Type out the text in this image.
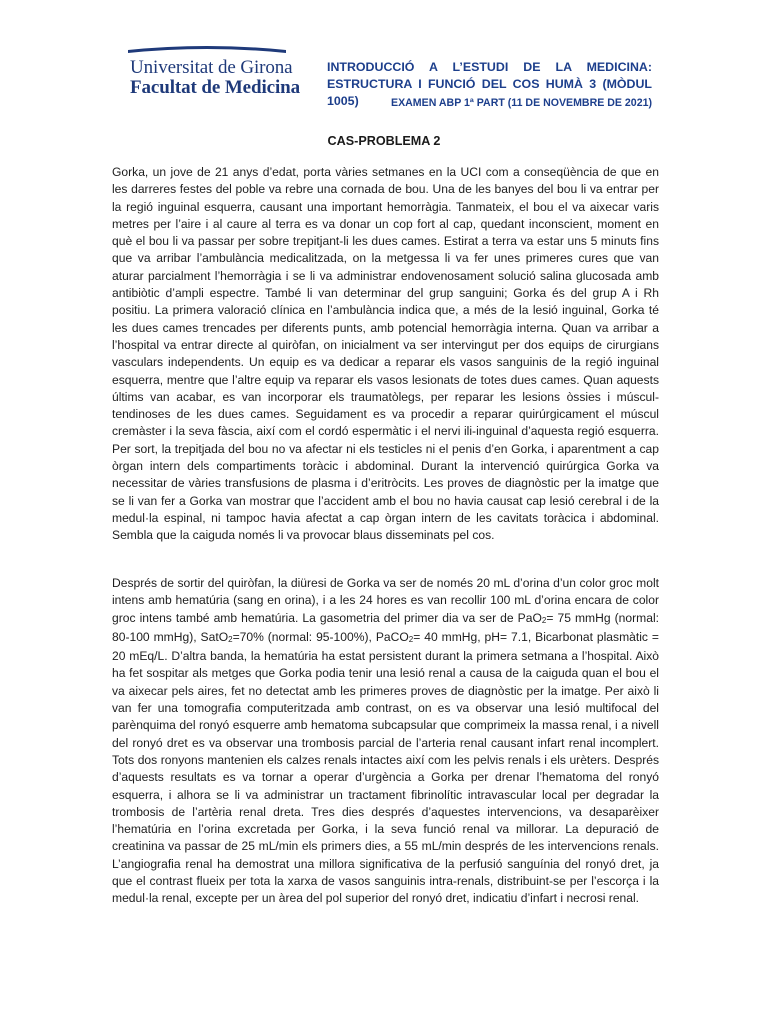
Universitat de Girona
Facultat de Medicina
INTRODUCCIÓ A L’ESTUDI DE LA MEDICINA: ESTRUCTURA I FUNCIÓ DEL COS HUMÀ 3 (MÒDUL 1005)	EXAMEN ABP 1ª PART (11 DE NOVEMBRE DE 2021)
CAS-PROBLEMA 2

Gorka, un jove de 21 anys d’edat, porta vàries setmanes en la UCI com a conseqüència de que en les darreres festes del poble va rebre una cornada de bou. Una de les banyes del bou li va entrar per la regió inguinal esquerra, causant una important hemorràgia. Tanmateix, el bou el va aixecar varis metres per l’aire i al caure al terra es va donar un cop fort al cap, quedant inconscient, moment en què el bou li va passar per sobre trepitjant-li les dues cames. Estirat a terra va estar uns 5 minuts fins que va arribar l’ambulància medicalitzada, on la metgessa li va fer unes primeres cures que van aturar parcialment l’hemorràgia i se li va administrar endovenosament solució salina glucosada amb antibiòtic d’ampli espectre. També li van determinar del grup sanguini; Gorka és del grup A i Rh positiu. La primera valoració clínica en l’ambulància indica que, a més de la lesió inguinal, Gorka té les dues cames trencades per diferents punts, amb potencial hemorràgia interna. Quan va arribar a l’hospital va entrar directe al quiròfan, on inicialment va ser intervingut per dos equips de cirurgians vasculars independents. Un equip es va dedicar a reparar els vasos sanguinis de la regió inguinal esquerra, mentre que l’altre equip va reparar els vasos lesionats de totes dues cames. Quan aquests últims van acabar, es van incorporar els traumatòlegs, per reparar les lesions òssies i múscul-tendinoses de les dues cames. Seguidament es va procedir a reparar quirúrgicament el múscul cremàster i la seva fàscia, així com el cordó espermàtic i el nervi ili-inguinal d’aquesta regió esquerra. Per sort, la trepitjada del bou no va afectar ni els testicles ni el penis d’en Gorka, i aparentment a cap òrgan intern dels compartiments toràcic i abdominal. Durant la intervenció quirúrgica Gorka va necessitar de vàries transfusions de plasma i d’eritròcits. Les proves de diagnòstic per la imatge que se li van fer a Gorka van mostrar que l’accident amb el bou no havia causat cap lesió cerebral i de la medul·la espinal, ni tampoc havia afectat a cap òrgan intern de les cavitats toràcica i abdominal. Sembla que la caiguda només li va provocar blaus disseminats pel cos.

Després de sortir del quiròfan, la diüresi de Gorka va ser de només 20 mL d’orina d’un color groc molt intens amb hematúria (sang en orina), i a les 24 hores es van recollir 100 mL d’orina encara de color groc intens també amb hematúria. La gasometria del primer dia va ser de PaO2= 75 mmHg (normal: 80-100 mmHg), SatO2=70% (normal: 95-100%), PaCO2= 40 mmHg, pH= 7.1, Bicarbonat plasmàtic = 20 mEq/L. D’altra banda, la hematúria ha estat persistent durant la primera setmana a l’hospital. Això ha fet sospitar als metges que Gorka podia tenir una lesió renal a causa de la caiguda quan el bou el va aixecar pels aires, fet no detectat amb les primeres proves de diagnòstic per la imatge. Per això li van fer una tomografia computeritzada amb contrast, on es va observar una lesió multifocal del parènquima del ronyó esquerre amb hematoma subcapsular que comprimeix la massa renal, i a nivell del ronyó dret es va observar una trombosis parcial de l’arteria renal causant infart renal incomplert. Tots dos ronyons mantenien els calzes renals intactes així com les pelvis renals i els urèters. Després d’aquests resultats es va tornar a operar d’urgència a Gorka per drenar l’hematoma del ronyó esquerra, i alhora se li va administrar un tractament fibrinolític intravascular local per degradar la trombosis de l’artèria renal dreta. Tres dies després d’aquestes intervencions, va desaparèixer l’hematúria en l’orina excretada per Gorka, i la seva funció renal va millorar. La depuració de creatinina va passar de 25 mL/min els primers dies, a 55 mL/min després de les intervencions renals. L’angiografia renal ha demostrat una millora significativa de la perfusió sanguínia del ronyó dret, ja que el contrast flueix per tota la xarxa de vasos sanguinis intra-renals, distribuint-se per l’escorça i la medul·la renal, excepte per un àrea del pol superior del ronyó dret, indicatiu d’infart i necrosi renal.
